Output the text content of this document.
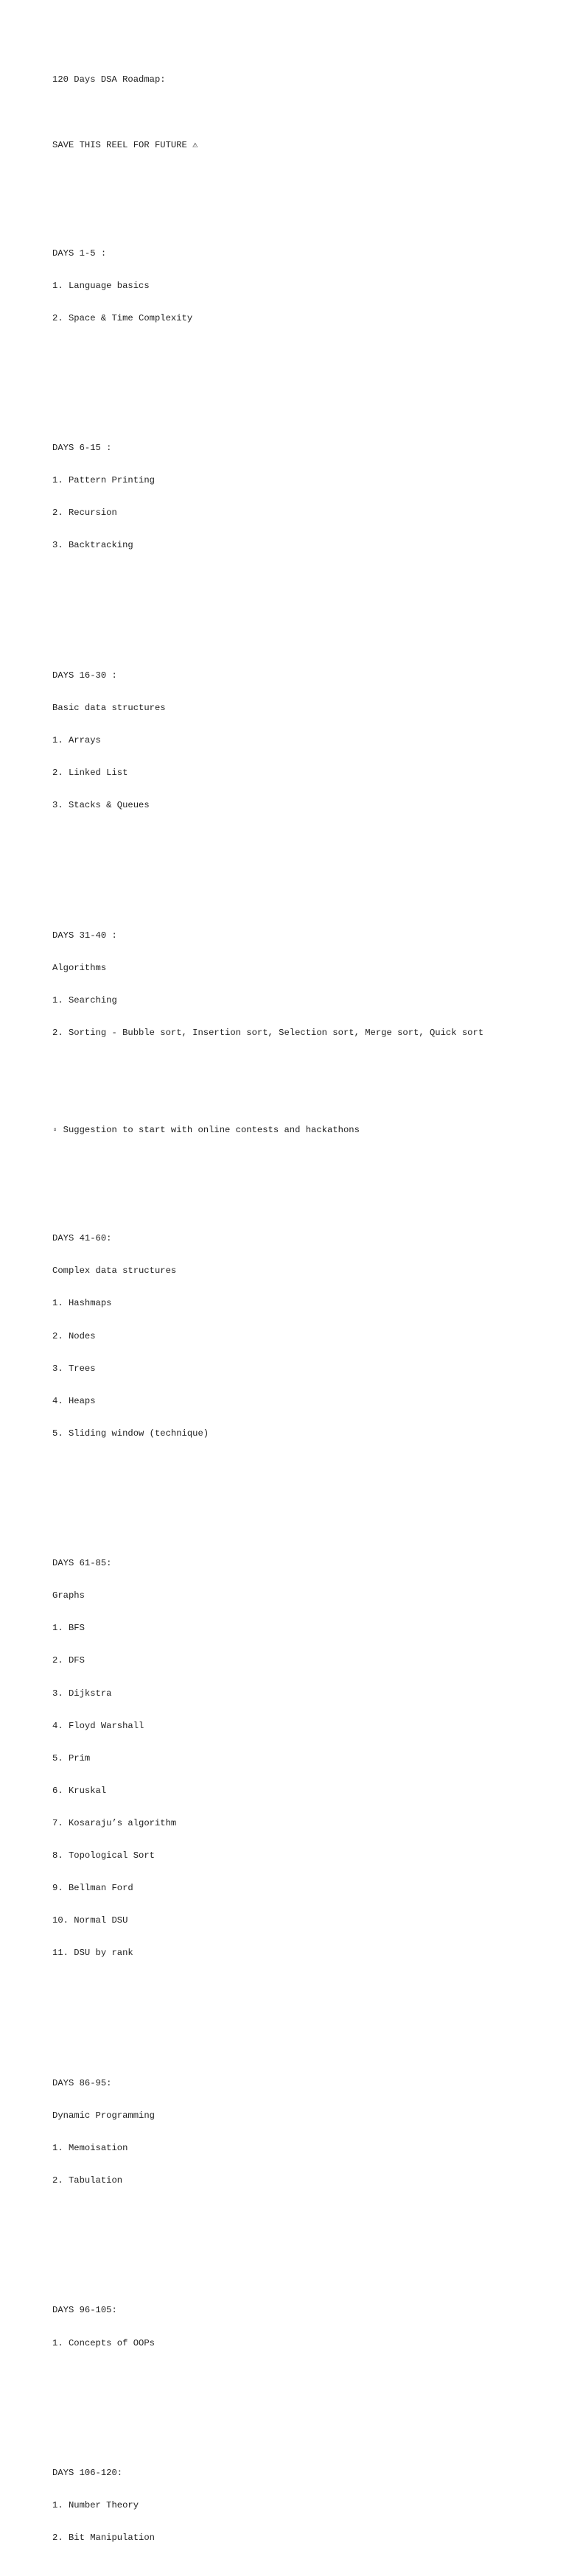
120 Days DSA Roadmap:

SAVE THIS REEL FOR FUTURE ⚠

DAYS 1-5 :

1. Language basics

2. Space & Time Complexity

DAYS 6-15 :

1. Pattern Printing

2. Recursion

3. Backtracking

DAYS 16-30 :

Basic data structures

1. Arrays

2. Linked List

3. Stacks & Queues

DAYS 31-40 :

Algorithms

1. Searching

2. Sorting - Bubble sort, Insertion sort, Selection sort, Merge sort, Quick sort

▫ Suggestion to start with online contests and hackathons

DAYS 41-60:

Complex data structures

1. Hashmaps

2. Nodes

3. Trees

4. Heaps

5. Sliding window (technique)

DAYS 61-85:

Graphs

1. BFS

2. DFS

3. Dijkstra

4. Floyd Warshall

5. Prim

6. Kruskal

7. Kosaraju’s algorithm

8. Topological Sort

9. Bellman Ford

10. Normal DSU

11. DSU by rank

DAYS 86-95:

Dynamic Programming

1. Memoisation

2. Tabulation

DAYS 96-105:

1. Concepts of OOPs

DAYS 106-120:

1. Number Theory

2. Bit Manipulation
